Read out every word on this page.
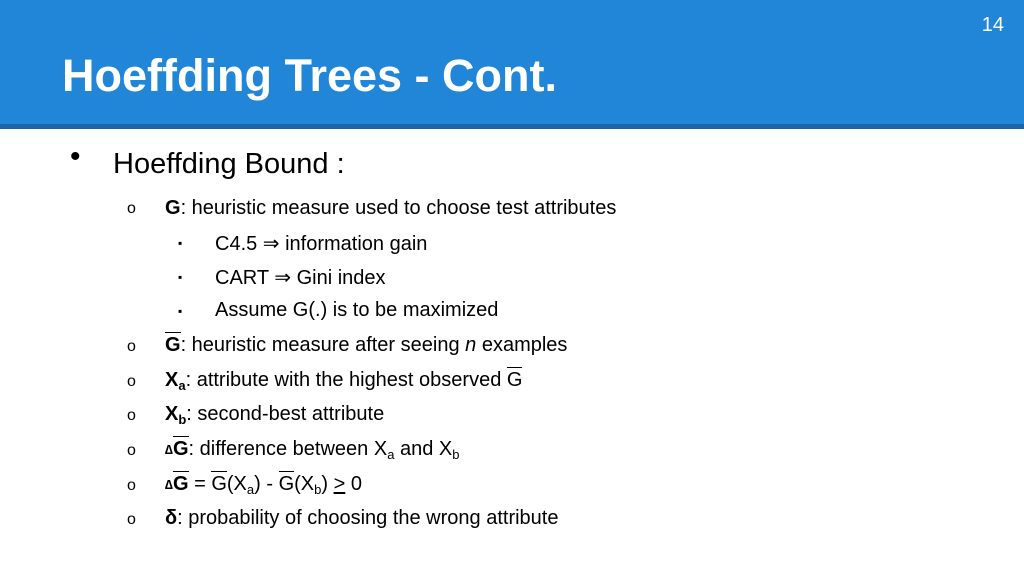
14
Hoeffding Trees - Cont.
• Hoeffding Bound :
o G: heuristic measure used to choose test attributes
▪ C4.5 ⇒ information gain
▪ CART ⇒ Gini index
▪ Assume G(.) is to be maximized
o G: heuristic measure after seeing n examples
o $X_a$: attribute with the highest observed G
o $X_b$: second-best attribute
o ∆G: difference between $X_a$ and $X_b$
o $\Delta G = G(X_a) - G(X_b) \ge 0$
o δ: probability of choosing the wrong attribute
